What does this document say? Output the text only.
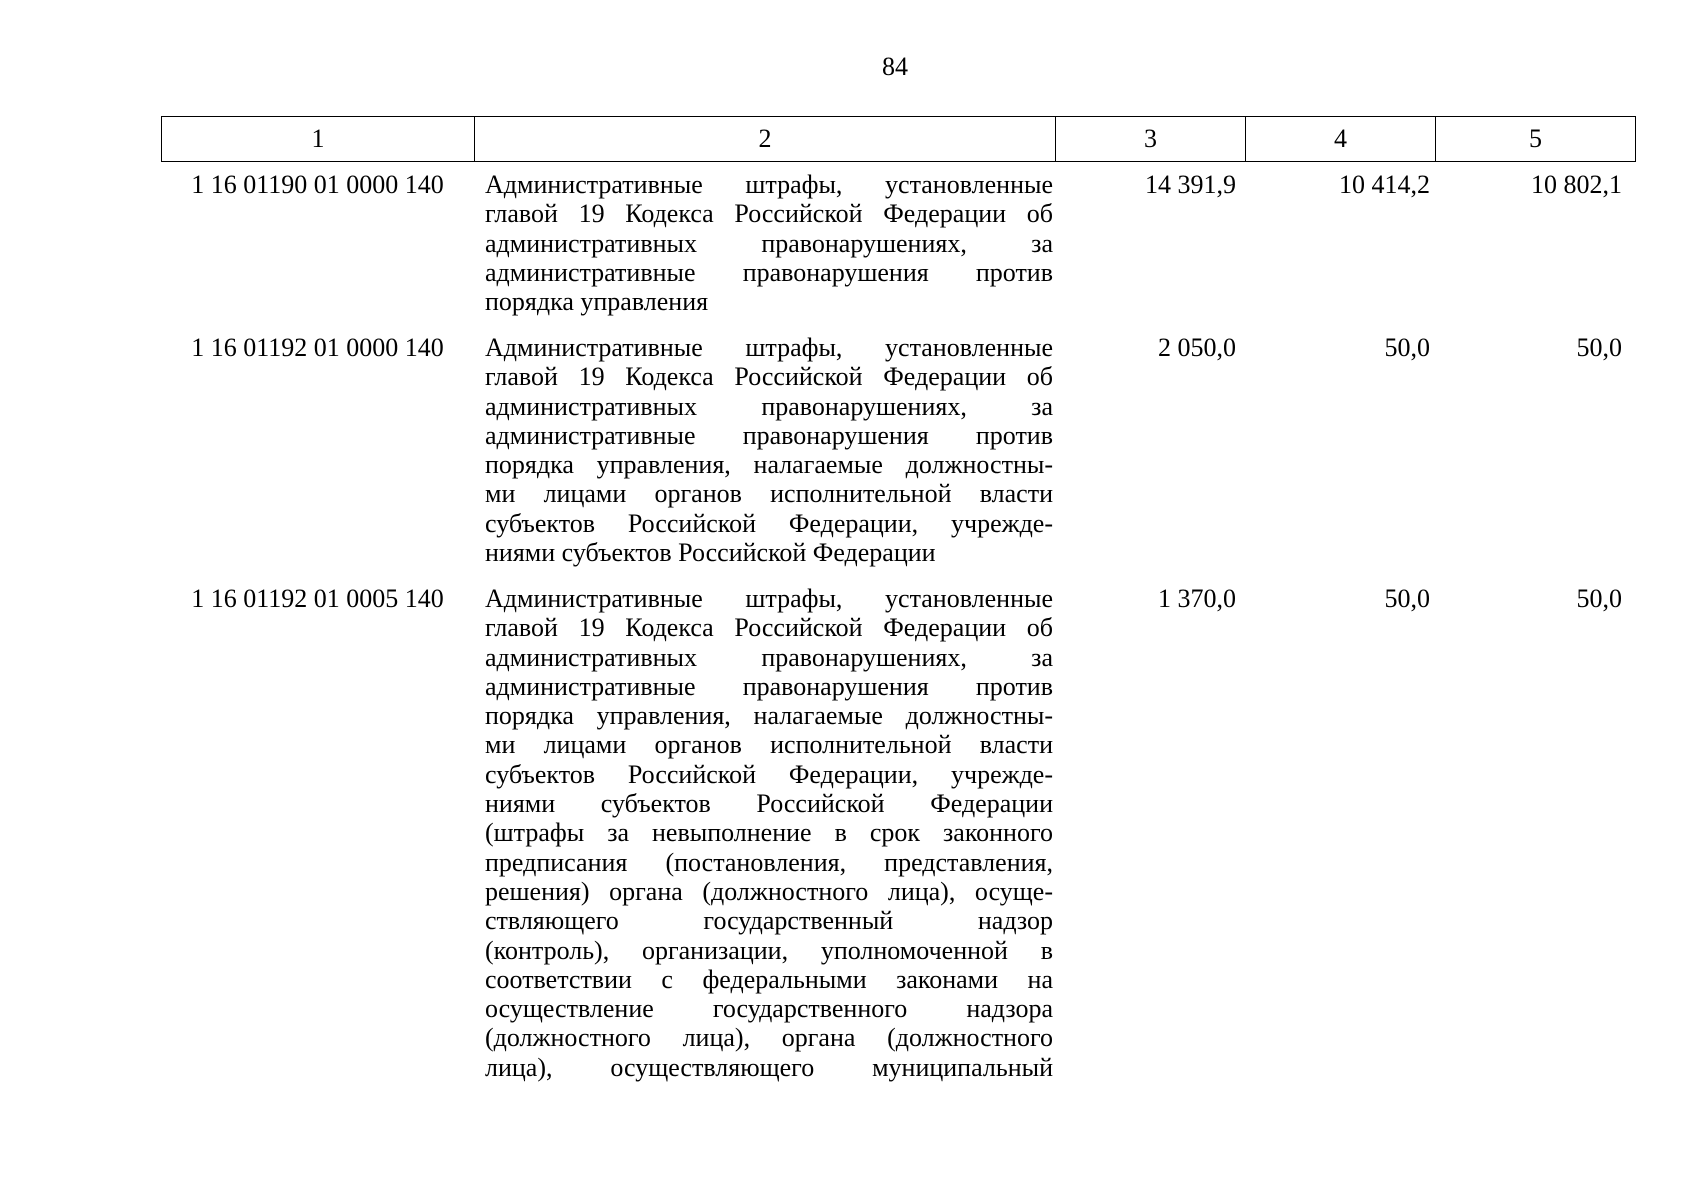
84
1	2	3	4	5
1 16 01190 01 0000 140	Административные штрафы, установленные
главой 19 Кодекса Российской Федерации об
административных правонарушениях, за
административные правонарушения против
порядка управления
14 391,9	10 414,2	10 802,1
1 16 01192 01 0000 140	Административные штрафы, установленные
главой 19 Кодекса Российской Федерации об
административных правонарушениях, за
административные правонарушения против
порядка управления, налагаемые должностны-
ми лицами органов исполнительной власти
субъектов Российской Федерации, учрежде-
ниями субъектов Российской Федерации
2 050,0	50,0	50,0
1 16 01192 01 0005 140	Административные штрафы, установленные
главой 19 Кодекса Российской Федерации об
административных правонарушениях, за
административные правонарушения против
порядка управления, налагаемые должностны-
ми лицами органов исполнительной власти
субъектов Российской Федерации, учрежде-
ниями субъектов Российской Федерации
(штрафы за невыполнение в срок законного
предписания (постановления, представления,
решения) органа (должностного лица), осуще-
ствляющего государственный надзор
(контроль), организации, уполномоченной в
соответствии с федеральными законами на
осуществление государственного надзора
(должностного лица), органа (должностного
лица), осуществляющего муниципальный
1 370,0	50,0	50,0
